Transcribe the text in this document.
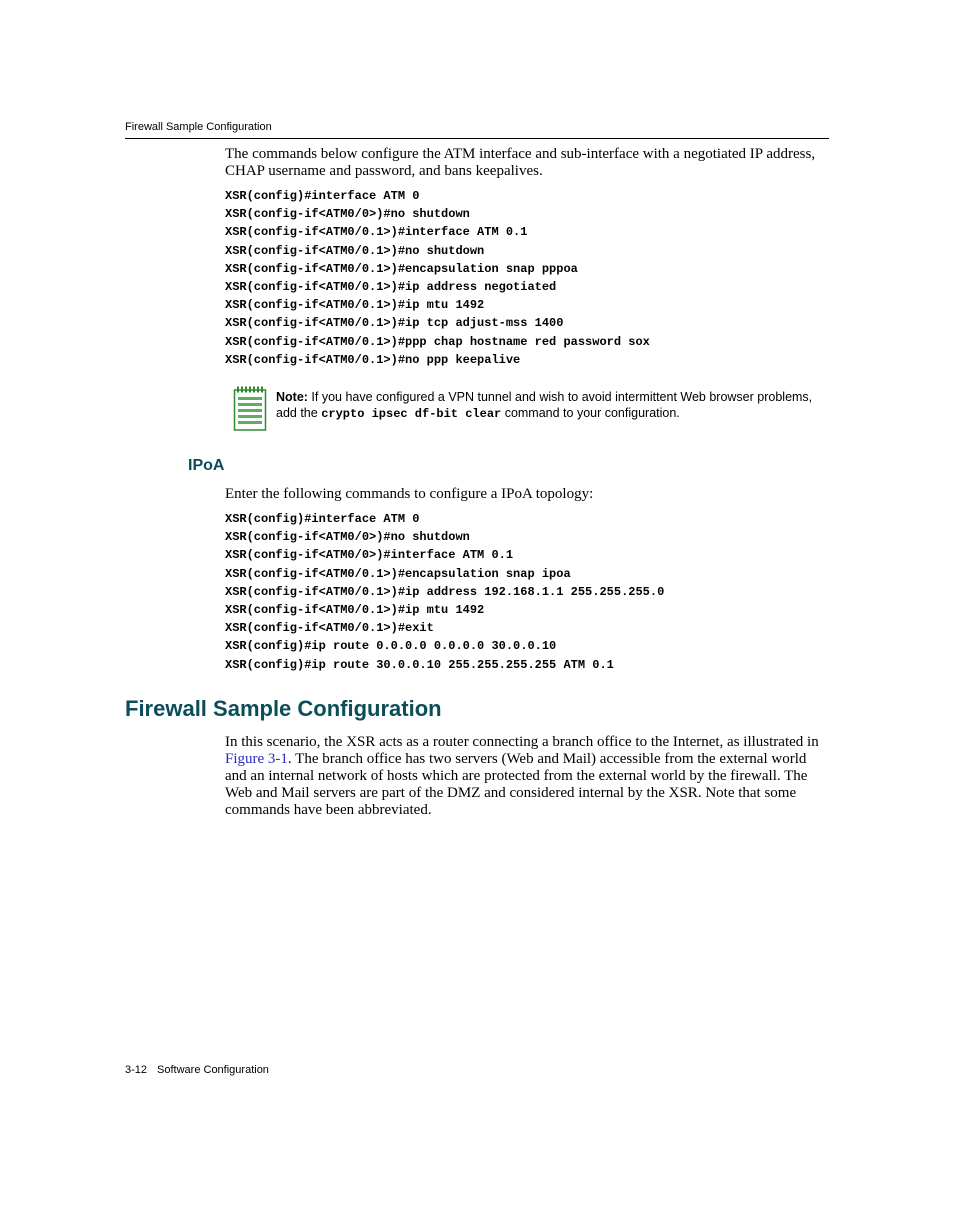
Firewall Sample Configuration

The commands below configure the ATM interface and sub-interface with a negotiated IP address, CHAP username and password, and bans keepalives.

XSR(config)#interface ATM 0
XSR(config-if<ATM0/0>)#no shutdown
XSR(config-if<ATM0/0.1>)#interface ATM 0.1
XSR(config-if<ATM0/0.1>)#no shutdown
XSR(config-if<ATM0/0.1>)#encapsulation snap pppoa
XSR(config-if<ATM0/0.1>)#ip address negotiated
XSR(config-if<ATM0/0.1>)#ip mtu 1492
XSR(config-if<ATM0/0.1>)#ip tcp adjust-mss 1400
XSR(config-if<ATM0/0.1>)#ppp chap hostname red password sox
XSR(config-if<ATM0/0.1>)#no ppp keepalive
Note: If you have configured a VPN tunnel and wish to avoid intermittent Web browser problems, add the crypto ipsec df-bit clear command to your configuration.
IPoA

Enter the following commands to configure a IPoA topology:

XSR(config)#interface ATM 0
XSR(config-if<ATM0/0>)#no shutdown
XSR(config-if<ATM0/0>)#interface ATM 0.1
XSR(config-if<ATM0/0.1>)#encapsulation snap ipoa
XSR(config-if<ATM0/0.1>)#ip address 192.168.1.1 255.255.255.0
XSR(config-if<ATM0/0.1>)#ip mtu 1492
XSR(config-if<ATM0/0.1>)#exit
XSR(config)#ip route 0.0.0.0 0.0.0.0 30.0.0.10
XSR(config)#ip route 30.0.0.10 255.255.255.255 ATM 0.1
Firewall Sample Configuration

In this scenario, the XSR acts as a router connecting a branch office to the Internet, as illustrated in Figure 3-1. The branch office has two servers (Web and Mail) accessible from the external world and an internal network of hosts which are protected from the external world by the firewall. The Web and Mail servers are part of the DMZ and considered internal by the XSR. Note that some commands have been abbreviated.

3-12 Software Configuration
